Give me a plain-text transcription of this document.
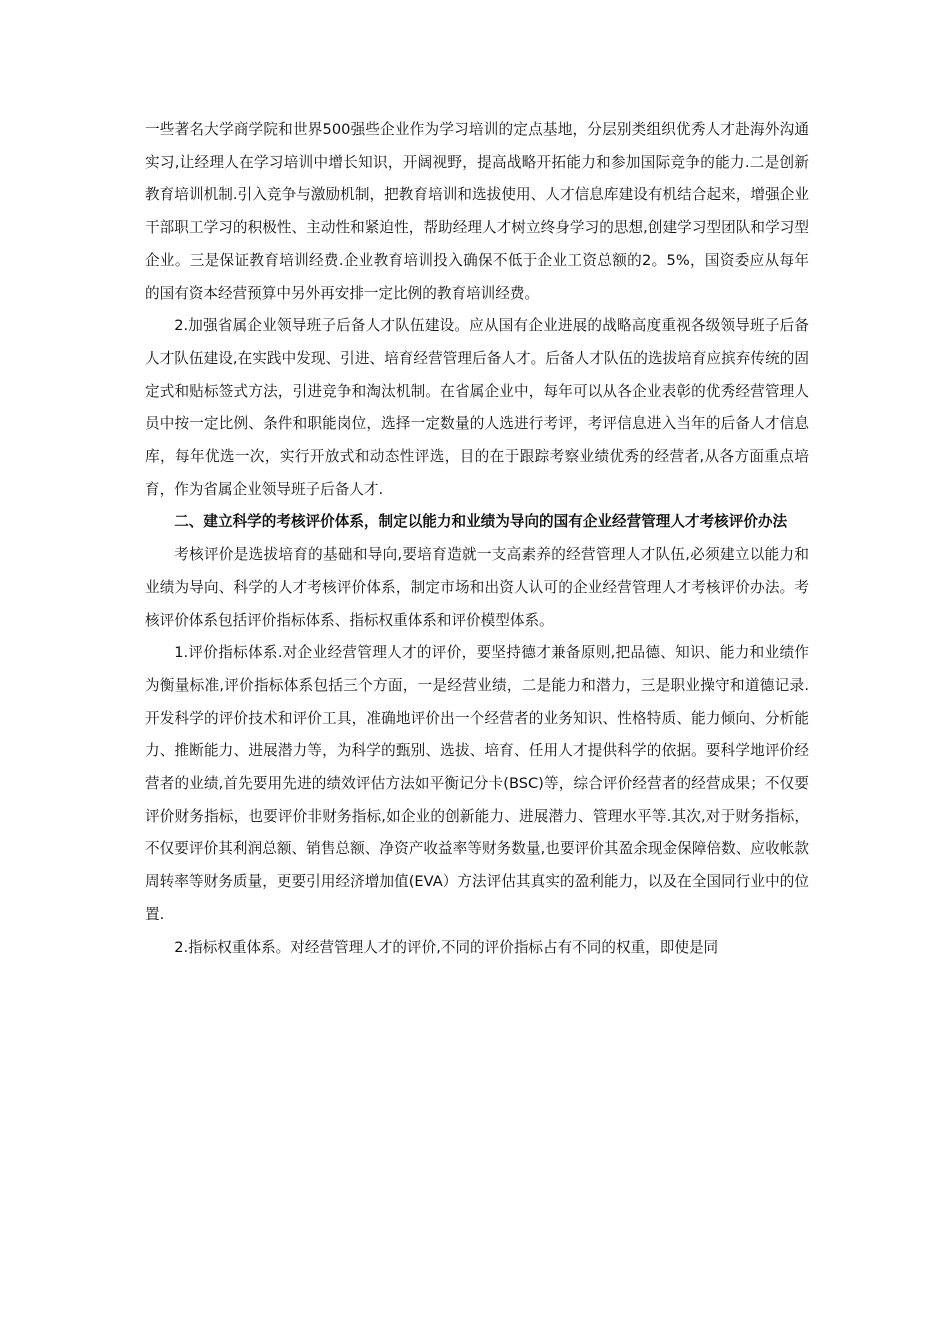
一些著名大学商学院和世界500强些企业作为学习培训的定点基地，分层别类组织优秀人才赴海外沟通实习,让经理人在学习培训中增长知识，开阔视野，提高战略开拓能力和参加国际竞争的能力.二是创新教育培训机制.引入竞争与激励机制，把教育培训和选拔使用、人才信息库建设有机结合起来，增强企业干部职工学习的积极性、主动性和紧迫性，帮助经理人才树立终身学习的思想,创建学习型团队和学习型企业。三是保证教育培训经费.企业教育培训投入确保不低于企业工资总额的2。5%，国资委应从每年的国有资本经营预算中另外再安排一定比例的教育培训经费。

2.加强省属企业领导班子后备人才队伍建设。应从国有企业进展的战略高度重视各级领导班子后备人才队伍建设,在实践中发现、引进、培育经营管理后备人才。后备人才队伍的选拔培育应摈弃传统的固定式和贴标签式方法，引进竞争和淘汰机制。在省属企业中，每年可以从各企业表彰的优秀经营管理人员中按一定比例、条件和职能岗位，选择一定数量的人选进行考评，考评信息进入当年的后备人才信息库，每年优选一次，实行开放式和动态性评选，目的在于跟踪考察业绩优秀的经营者,从各方面重点培育，作为省属企业领导班子后备人才.

二、建立科学的考核评价体系，制定以能力和业绩为导向的国有企业经营管理人才考核评价办法

考核评价是选拔培育的基础和导向,要培育造就一支高素养的经营管理人才队伍,必须建立以能力和业绩为导向、科学的人才考核评价体系，制定市场和出资人认可的企业经营管理人才考核评价办法。考核评价体系包括评价指标体系、指标权重体系和评价模型体系。

1.评价指标体系.对企业经营管理人才的评价，要坚持德才兼备原则,把品德、知识、能力和业绩作为衡量标准,评价指标体系包括三个方面，一是经营业绩，二是能力和潜力，三是职业操守和道德记录.开发科学的评价技术和评价工具，准确地评价出一个经营者的业务知识、性格特质、能力倾向、分析能力、推断能力、进展潜力等，为科学的甄别、选拔、培育、任用人才提供科学的依据。要科学地评价经营者的业绩,首先要用先进的绩效评估方法如平衡记分卡(BSC)等，综合评价经营者的经营成果；不仅要评价财务指标，也要评价非财务指标,如企业的创新能力、进展潜力、管理水平等.其次,对于财务指标，不仅要评价其利润总额、销售总额、净资产收益率等财务数量,也要评价其盈余现金保障倍数、应收帐款周转率等财务质量，更要引用经济增加值(EVA）方法评估其真实的盈利能力，以及在全国同行业中的位置.

2.指标权重体系。对经营管理人才的评价,不同的评价指标占有不同的权重，即使是同
